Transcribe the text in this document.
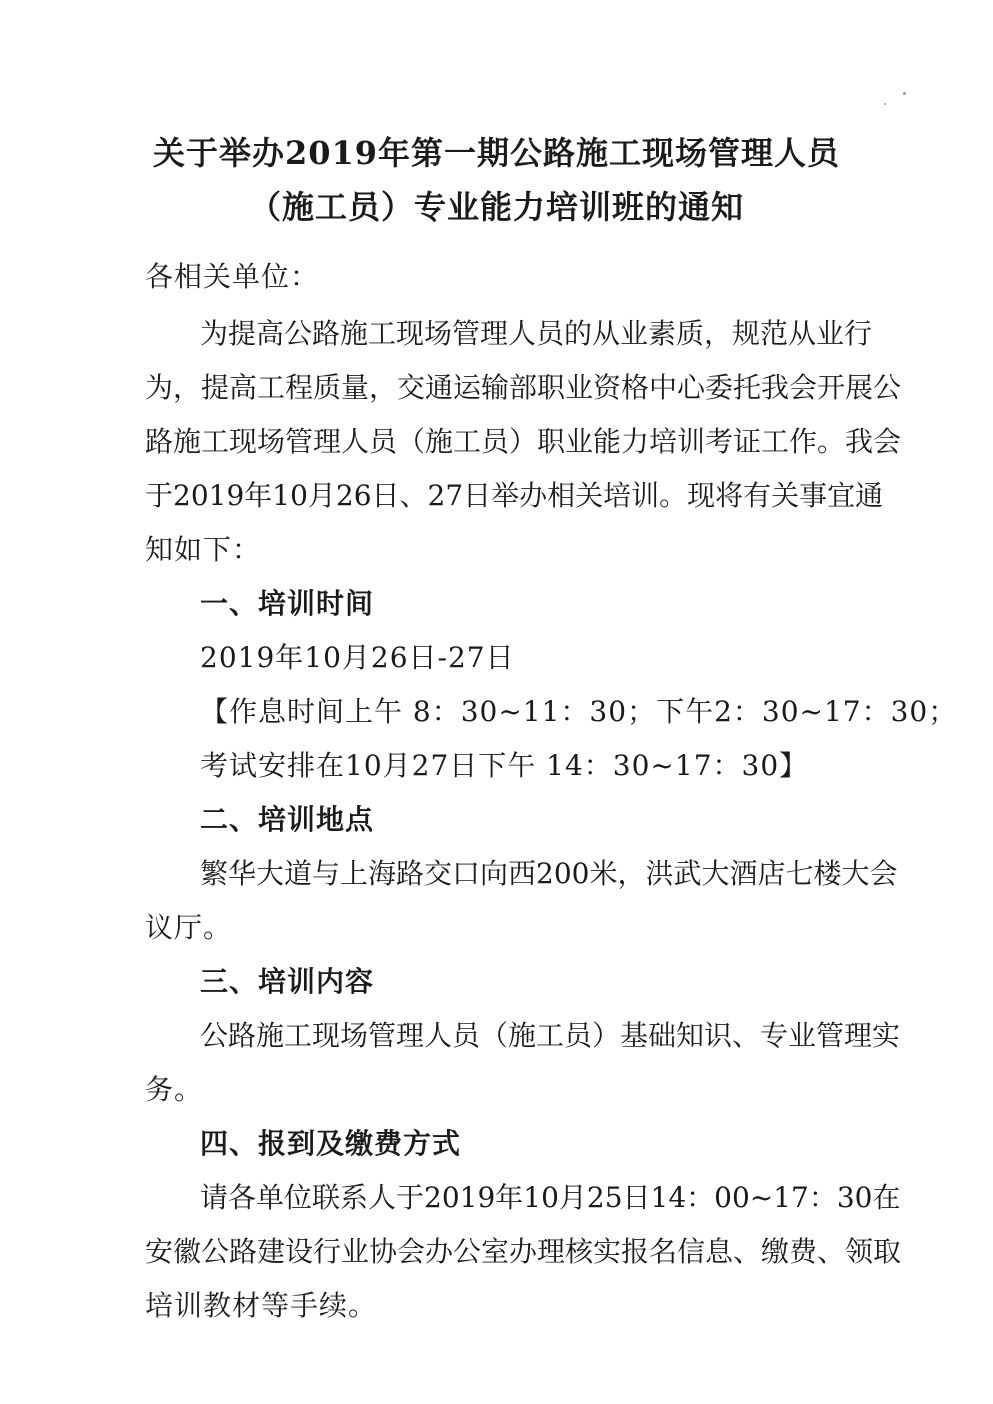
关于举办2019年第一期公路施工现场管理人员
（施工员）专业能力培训班的通知
各相关单位：
为提高公路施工现场管理人员的从业素质，规范从业行
为，提高工程质量，交通运输部职业资格中心委托我会开展公
路施工现场管理人员（施工员）职业能力培训考证工作。我会
于2019年10月26日、27日举办相关培训。现将有关事宜通
知如下：
一、培训时间
2019年10月26日-27日
【作息时间上午 8：30~11：30；下午2：30~17：30；
考试安排在10月27日下午 14：30~17：30】
二、培训地点
繁华大道与上海路交口向西200米，洪武大酒店七楼大会
议厅。
三、培训内容
公路施工现场管理人员（施工员）基础知识、专业管理实
务。
四、报到及缴费方式
请各单位联系人于2019年10月25日14：00~17：30在
安徽公路建设行业协会办公室办理核实报名信息、缴费、领取
培训教材等手续。
